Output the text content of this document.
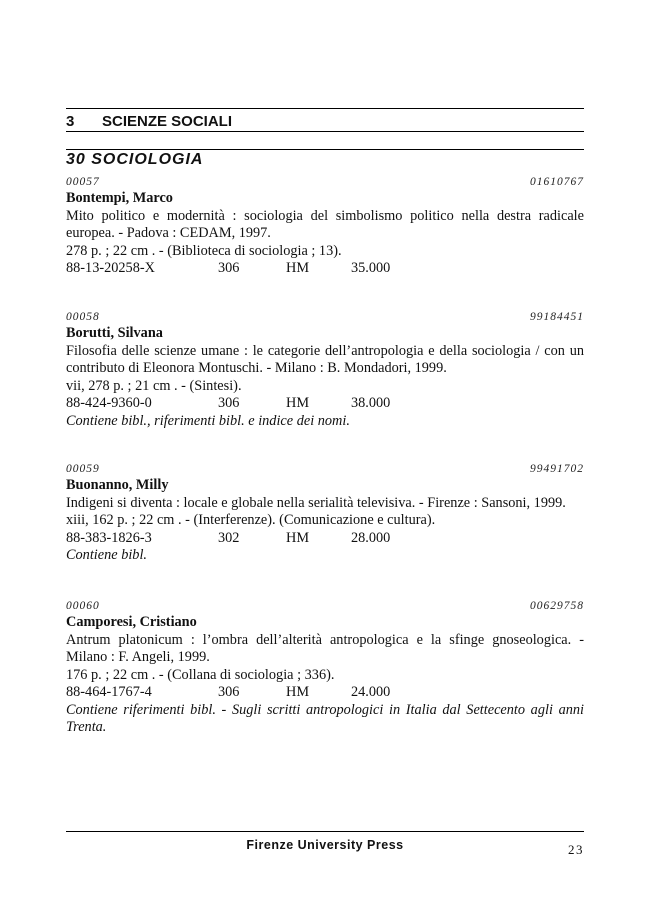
3 SCIENZE SOCIALI
30 SOCIOLOGIA
00057	01610767
Bontempi, Marco
Mito politico e modernità : sociologia del simbolismo politico nella destra radicale europea. - Padova : CEDAM, 1997.
278 p. ; 22 cm . - (Biblioteca di sociologia ; 13).
88-13-20258-X	306	HM	35.000
00058	99184451
Borutti, Silvana
Filosofia delle scienze umane : le categorie dell’antropologia e della sociologia / con un contributo di Eleonora Montuschi. - Milano : B. Mondadori, 1999.
vii, 278 p. ; 21 cm . - (Sintesi).
88-424-9360-0	306	HM	38.000
Contiene bibl., riferimenti bibl. e indice dei nomi.
00059	99491702
Buonanno, Milly
Indigeni si diventa : locale e globale nella serialità televisiva. - Firenze : Sansoni, 1999.
xiii, 162 p. ; 22 cm . - (Interferenze). (Comunicazione e cultura).
88-383-1826-3	302	HM	28.000
Contiene bibl.
00060	00629758
Camporesi, Cristiano
Antrum platonicum : l’ombra dell’alterità antropologica e la sfinge gnoseologica. - Milano : F. Angeli, 1999.
176 p. ; 22 cm . - (Collana di sociologia ; 336).
88-464-1767-4	306	HM	24.000
Contiene riferimenti bibl. - Sugli scritti antropologici in Italia dal Settecento agli anni Trenta.
Firenze University Press	23
